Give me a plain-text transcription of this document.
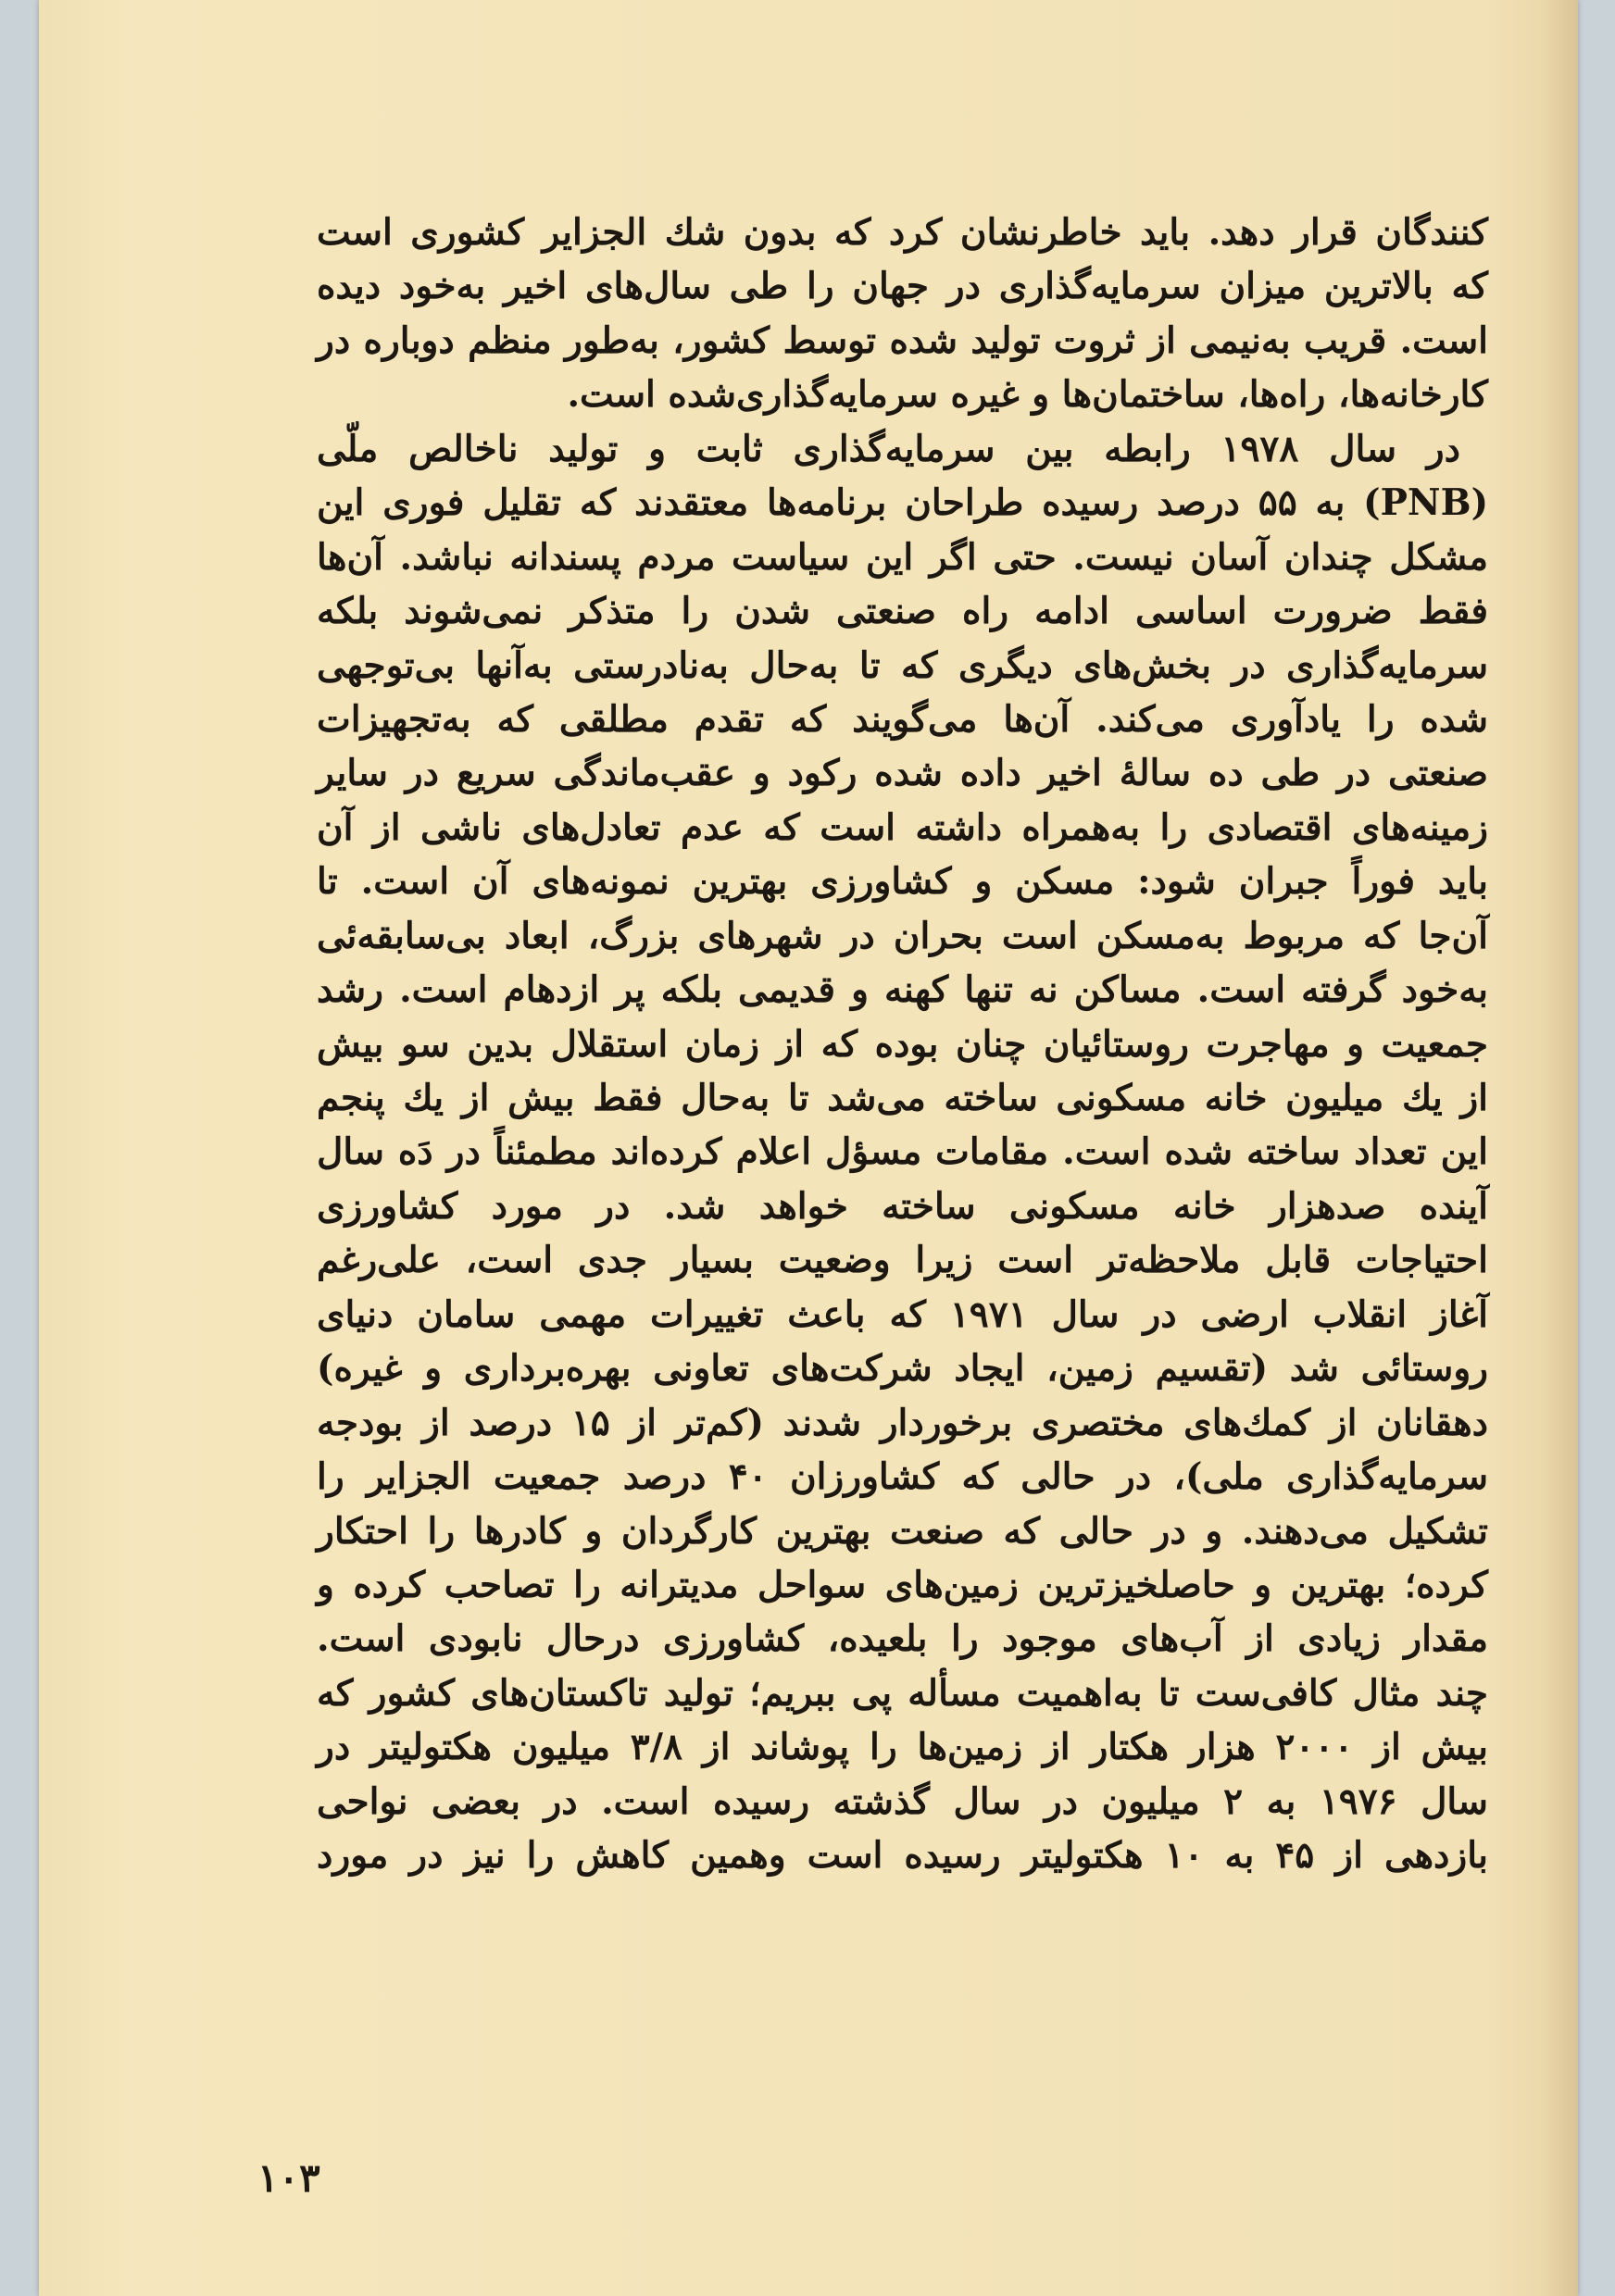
کنندگان قرار دهد. باید خاطرنشان کرد که بدون شك الجزایر کشوری است
که بالاترین میزان سرمایه‌گذاری در جهان را طی سال‌های اخیر به‌خود دیده
است. قریب به‌نیمی از ثروت تولید شده توسط کشور، به‌طور منظم دوباره در
کارخانه‌ها، راه‌ها، ساختمان‌ها و غیره سرمایه‌گذاری‌شده است.
در سال ۱۹۷۸ رابطه بین سرمایه‌گذاری ثابت و تولید ناخالص ملّی
(PNB) به ۵۵ درصد رسیده طراحان برنامه‌ها معتقدند که تقلیل فوری این
مشکل چندان آسان نیست. حتی اگر این سیاست مردم پسندانه نباشد. آن‌ها
فقط ضرورت اساسی ادامه راه صنعتی شدن را متذکر نمی‌شوند بلکه
سرمایه‌گذاری در بخش‌های دیگری که تا به‌حال به‌نادرستی به‌آنها بی‌توجهی
شده را یادآوری می‌کند. آن‌ها می‌گویند که تقدم مطلقی که به‌تجهیزات
صنعتی در طی ده سالهٔ اخیر داده شده رکود و عقب‌ماندگی سریع در سایر
زمینه‌های اقتصادی را به‌همراه داشته است که عدم تعادل‌های ناشی از آن
باید فوراً جبران شود: مسکن و کشاورزی بهترین نمونه‌های آن است. تا
آن‌جا که مربوط به‌مسکن است بحران در شهرهای بزرگ، ابعاد بی‌سابقه‌ئی
به‌خود گرفته است. مساکن نه تنها کهنه و قدیمی بلکه پر ازدهام است. رشد
جمعیت و مهاجرت روستائیان چنان بوده که از زمان استقلال بدین سو بیش
از یك میلیون خانه مسکونی ساخته می‌شد تا به‌حال فقط بیش از یك پنجم
این تعداد ساخته شده است. مقامات مسؤل اعلام کرده‌اند مطمئناً در دَه سال
آینده صدهزار خانه مسکونی ساخته خواهد شد. در مورد کشاورزی
احتیاجات قابل ملاحظه‌تر است زیرا وضعیت بسیار جدی است، علی‌رغم
آغاز انقلاب ارضی در سال ۱۹۷۱ که باعث تغییرات مهمی سامان دنیای
روستائی شد (تقسیم زمین، ایجاد شرکت‌های تعاونی بهره‌برداری و غیره)
دهقانان از کمك‌های مختصری برخوردار شدند (کم‌تر از ۱۵ درصد از بودجه
سرمایه‌گذاری ملی)، در حالی که کشاورزان ۴۰ درصد جمعیت الجزایر را
تشکیل می‌دهند. و در حالی که صنعت بهترین کارگردان و کادرها را احتکار
کرده؛ بهترین و حاصلخیزترین زمین‌های سواحل مدیترانه را تصاحب کرده و
مقدار زیادی از آب‌های موجود را بلعیده، کشاورزی درحال نابودی است.
چند مثال کافی‌ست تا به‌اهمیت مسأله پی ببریم؛ تولید تاکستان‌های کشور که
بیش از ۲۰۰۰ هزار هکتار از زمین‌ها را پوشاند از ۳/۸ میلیون هکتولیتر در
سال ۱۹۷۶ به ۲ میلیون در سال گذشته رسیده است. در بعضی نواحی
بازدهی از ۴۵ به ۱۰ هکتولیتر رسیده است وهمین کاهش را نیز در مورد
۱۰۳
